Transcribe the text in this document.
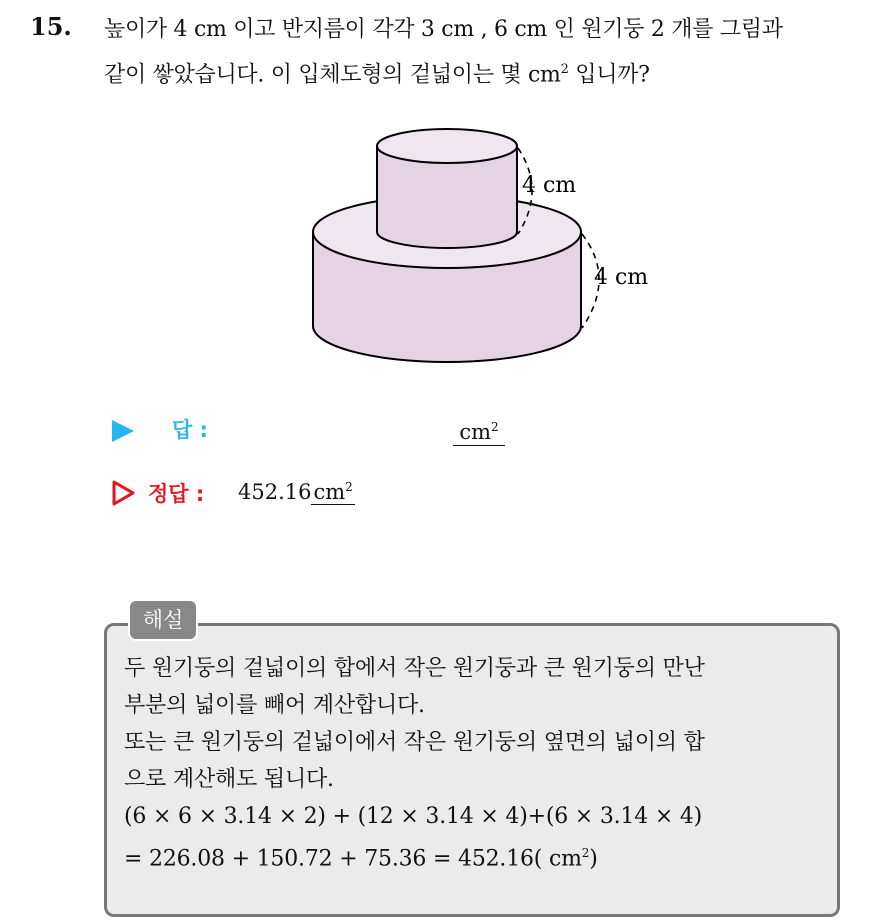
15. 높이가 4 cm 이고 반지름이 각각 3 cm , 6 cm 인 원기둥 2 개를 그림과
같이 쌓았습니다. 이 입체도형의 겉넓이는 몇 $cm^2$ 입니까?
4 cm
4 cm
답 :	$cm^2$
정답 : $452.16cm^2$
해설
두 원기둥의 겉넓이의 합에서 작은 원기둥과 큰 원기둥의 만난
부분의 넓이를 빼어 계산합니다.
또는 큰 원기둥의 겉넓이에서 작은 원기둥의 옆면의 넓이의 합
으로 계산해도 됩니다.
(6 × 6 × 3.14 × 2) + (12 × 3.14 × 4)+(6 × 3.14 × 4)
= 226.08 + 150.72 + 75.36 = 452.16( $cm^2$)
